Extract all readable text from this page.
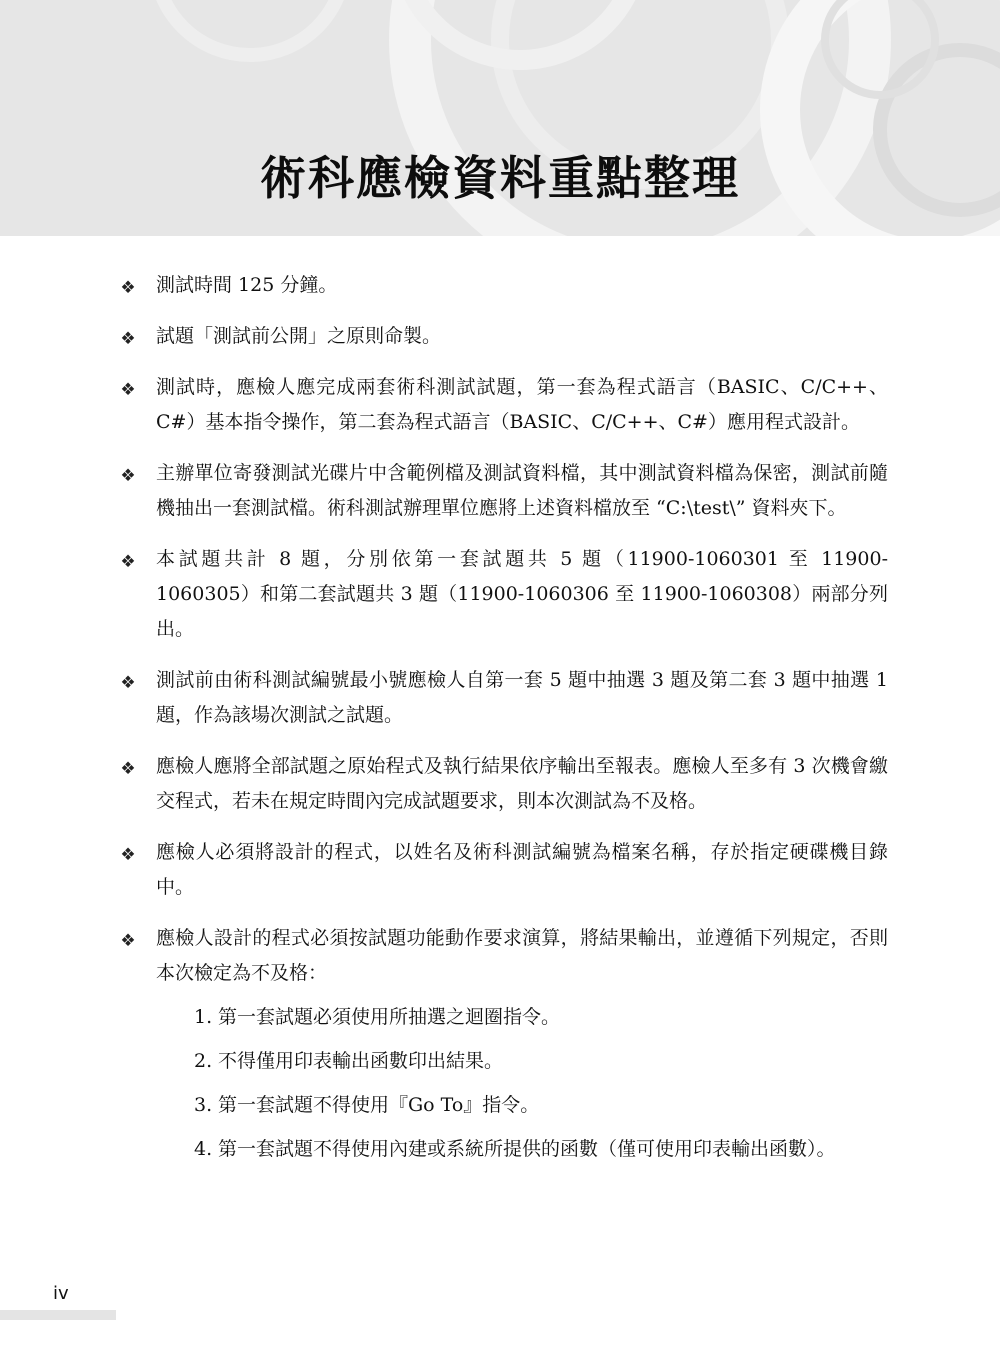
術科應檢資料重點整理
❖ 測試時間 125 分鐘。
❖ 試題「測試前公開」之原則命製。
❖ 測試時，應檢人應完成兩套術科測試試題，第一套為程式語言（BASIC、C/C++、C#）基本指令操作，第二套為程式語言（BASIC、C/C++、C#）應用程式設計。
❖ 主辦單位寄發測試光碟片中含範例檔及測試資料檔，其中測試資料檔為保密，測試前隨機抽出一套測試檔。術科測試辦理單位應將上述資料檔放至 “C:\test\” 資料夾下。
❖ 本試題共計 8 題，分別依第一套試題共 5 題（11900-1060301 至 11900-1060305）和第二套試題共 3 題（11900-1060306 至 11900-1060308）兩部分列出。
❖ 測試前由術科測試編號最小號應檢人自第一套 5 題中抽選 3 題及第二套 3 題中抽選 1 題，作為該場次測試之試題。
❖ 應檢人應將全部試題之原始程式及執行結果依序輸出至報表。應檢人至多有 3 次機會繳交程式，若未在規定時間內完成試題要求，則本次測試為不及格。
❖ 應檢人必須將設計的程式，以姓名及術科測試編號為檔案名稱，存於指定硬碟機目錄中。
❖ 應檢人設計的程式必須按試題功能動作要求演算，將結果輸出，並遵循下列規定，否則本次檢定為不及格：
1. 第一套試題必須使用所抽選之迴圈指令。
2. 不得僅用印表輸出函數印出結果。
3. 第一套試題不得使用『Go To』指令。
4. 第一套試題不得使用內建或系統所提供的函數（僅可使用印表輸出函數）。
iv
